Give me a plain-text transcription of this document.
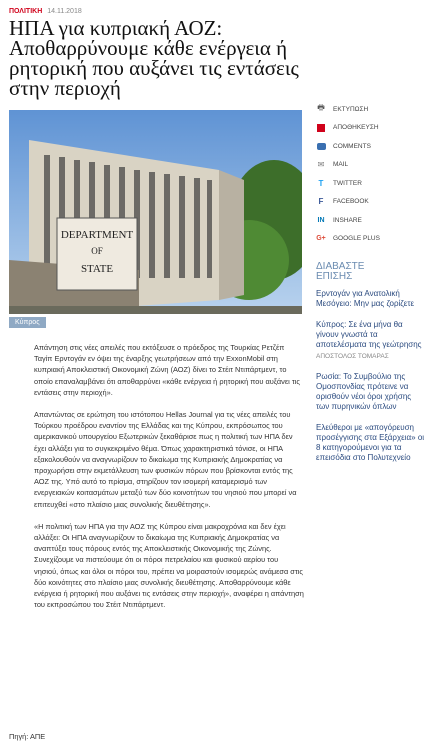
ΠΟΛΙΤΙΚΗ 14.11.2018
ΗΠΑ για κυπριακή ΑΟΖ: Αποθαρρύνουμε κάθε ενέργεια ή ρητορική που αυξάνει τις εντάσεις στην περιοχή
DEPARTMENT
OF
STATE
Κύπρος

Απάντηση στις νέες απειλές που εκτόξευσε ο πρόεδρος της Τουρκίας Ρετζέπ Ταγίπ Ερντογάν εν όψει της έναρξης γεωτρήσεων από την ExxonMobil στη κυπριακή Αποκλειστική Οικονομική Ζώνη (ΑΟΖ) δίνει το Στέιτ Ντιπάρτμεντ, το οποίο επαναλαμβάνει ότι αποθαρρύνει «κάθε ενέργεια ή ρητορική που αυξάνει τις εντάσεις στην περιοχή».

Απαντώντας σε ερώτηση του ιστότοπου Hellas Journal για τις νέες απειλές του Τούρκου προέδρου εναντίον της Ελλάδας και της Κύπρου, εκπρόσωπος του αμερικανικού υπουργείου Εξωτερικών ξεκαθάρισε πως η πολιτική των ΗΠΑ δεν έχει αλλάξει για το συγκεκριμένο θέμα. Όπως χαρακτηριστικά τόνισε, οι ΗΠΑ εξακολουθούν να αναγνωρίζουν το δικαίωμα της Κυπριακής Δημοκρατίας να προχωρήσει στην εκμετάλλευση των φυσικών πόρων που βρίσκονται εντός της ΑΟΖ της. Υπό αυτό το πρίσμα, στηρίζουν τον ισομερή καταμερισμό των ενεργειακών κοιτασμάτων μεταξύ των δύο κοινοτήτων του νησιού που μπορεί να επιτευχθεί «στο πλαίσιο μιας συνολικής διευθέτησης».

«Η πολιτική των ΗΠΑ για την ΑΟΖ της Κύπρου είναι μακροχρόνια και δεν έχει αλλάξει: Οι ΗΠΑ αναγνωρίζουν το δικαίωμα της Κυπριακής Δημοκρατίας να αναπτύξει τους πόρους εντός της Αποκλειστικής Οικονομικής της Ζώνης. Συνεχίζουμε να πιστεύουμε ότι οι πόροι πετρελαίου και φυσικού αερίου του νησιού, όπως και όλοι οι πόροι του, πρέπει να μοιραστούν ισομερώς ανάμεσα στις δύο κοινότητες στο πλαίσιο μιας συνολικής διευθέτησης. Αποθαρρύνουμε κάθε ενέργεια ή ρητορική που αυξάνει τις εντάσεις στην περιοχή», αναφέρει η απάντηση του εκπροσώπου του Στέιτ Ντιπάρτμεντ.

Πηγή: ΑΠΕ
🖶 ΕΚΤΥΠΩΣΗ
ΑΠΟΘΗΚΕΥΣΗ
COMMENTS
✉ MAIL
T	TWITTER
F	FACEBOOK
IN INSHARE
G+ GOOGLE PLUS
ΔΙΑΒΑΣΤΕ
ΕΠΙΣΗΣ
Ερντογάν για Ανατολική Μεσόγειο: Μην μας ζορίζετε
Κύπρος: Σε ένα μήνα θα γίνουν γνωστά τα αποτελέσματα της γεώτρησης
ΑΠΟΣΤΟΛΟΣ ΤΟΜΑΡΑΣ
Ρωσία: Το Συμβούλιο της Ομοσπονδίας πρότεινε να ορισθούν νέοι όροι χρήσης των πυρηνικών όπλων
Ελεύθεροι με «απογόρευση προσέγγισης στα Εξάρχεια» οι 8 κατηγορούμενοι για τα επεισόδια στο Πολυτεχνείο
